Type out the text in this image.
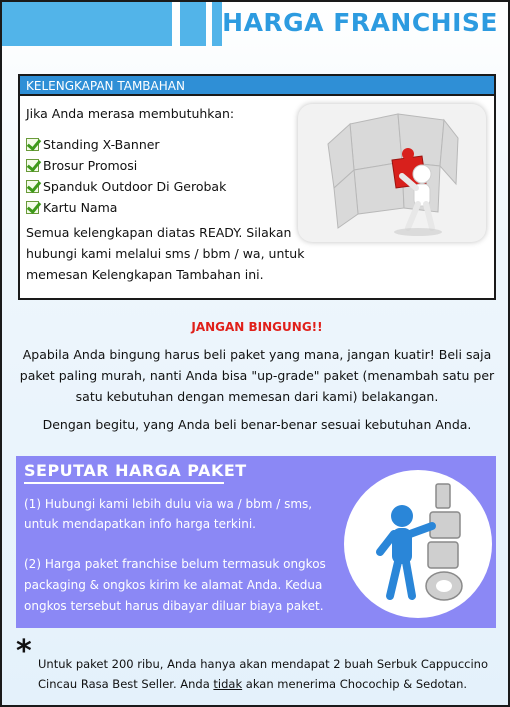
HARGA FRANCHISE
KELENGKAPAN TAMBAHAN
Jika Anda merasa membutuhkan:
Standing X-Banner
Brosur Promosi
Spanduk Outdoor Di Gerobak
Kartu Nama
Semua kelengkapan diatas READY. Silakan hubungi kami melalui sms / bbm / wa, untuk memesan Kelengkapan Tambahan ini.
JANGAN BINGUNG!!
Apabila Anda bingung harus beli paket yang mana, jangan kuatir! Beli saja paket paling murah, nanti Anda bisa "up-grade" paket (menambah satu per satu kebutuhan dengan memesan dari kami) belakangan.
Dengan begitu, yang Anda beli benar-benar sesuai kebutuhan Anda.
SEPUTAR HARGA PAKET
(1) Hubungi kami lebih dulu via wa / bbm / sms, untuk mendapatkan info harga terkini.
(2) Harga paket franchise belum termasuk ongkos packaging & ongkos kirim ke alamat Anda. Kedua ongkos tersebut harus dibayar diluar biaya paket.
* Untuk paket 200 ribu, Anda hanya akan mendapat 2 buah Serbuk Cappuccino Cincau Rasa Best Seller. Anda tidak akan menerima Chocochip & Sedotan.
